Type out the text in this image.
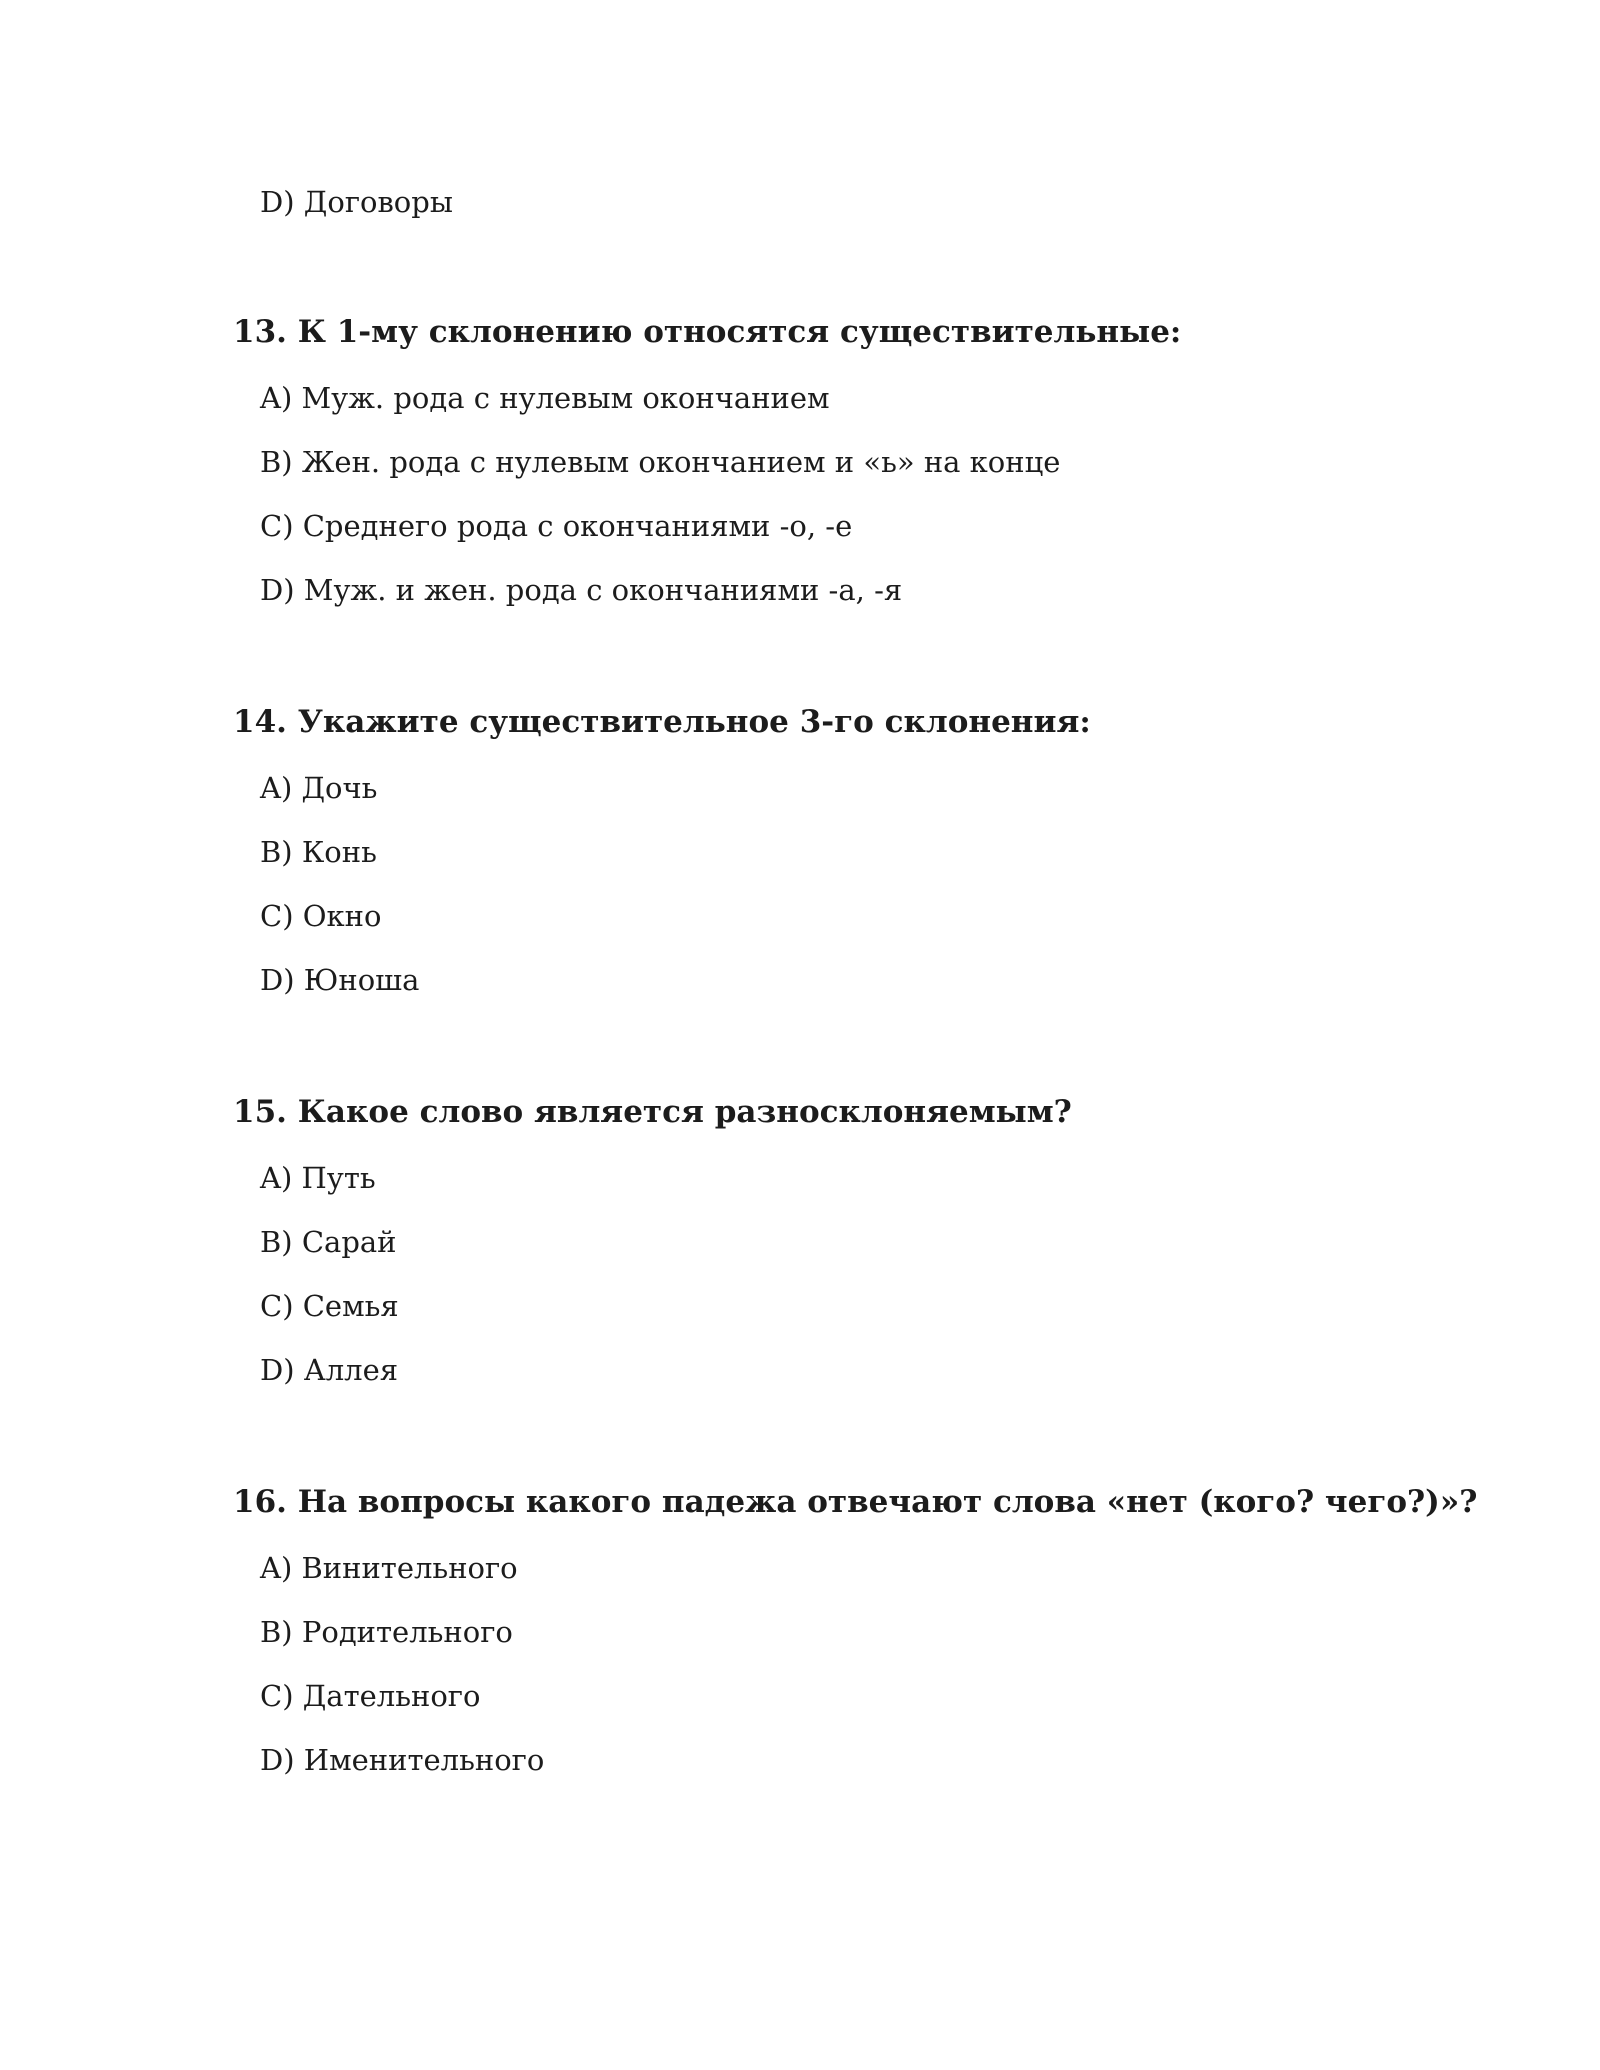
D) Договоры
13. К 1-му склонению относятся существительные:
A) Муж. рода с нулевым окончанием
B) Жен. рода с нулевым окончанием и «ь» на конце
C) Среднего рода с окончаниями -о, -е
D) Муж. и жен. рода с окончаниями -а, -я
14. Укажите существительное 3-го склонения:
A) Дочь
B) Конь
C) Окно
D) Юноша
15. Какое слово является разносклоняемым?
A) Путь
B) Сарай
C) Семья
D) Аллея
16. На вопросы какого падежа отвечают слова «нет (кого? чего?)»?
A) Винительного
B) Родительного
C) Дательного
D) Именительного
